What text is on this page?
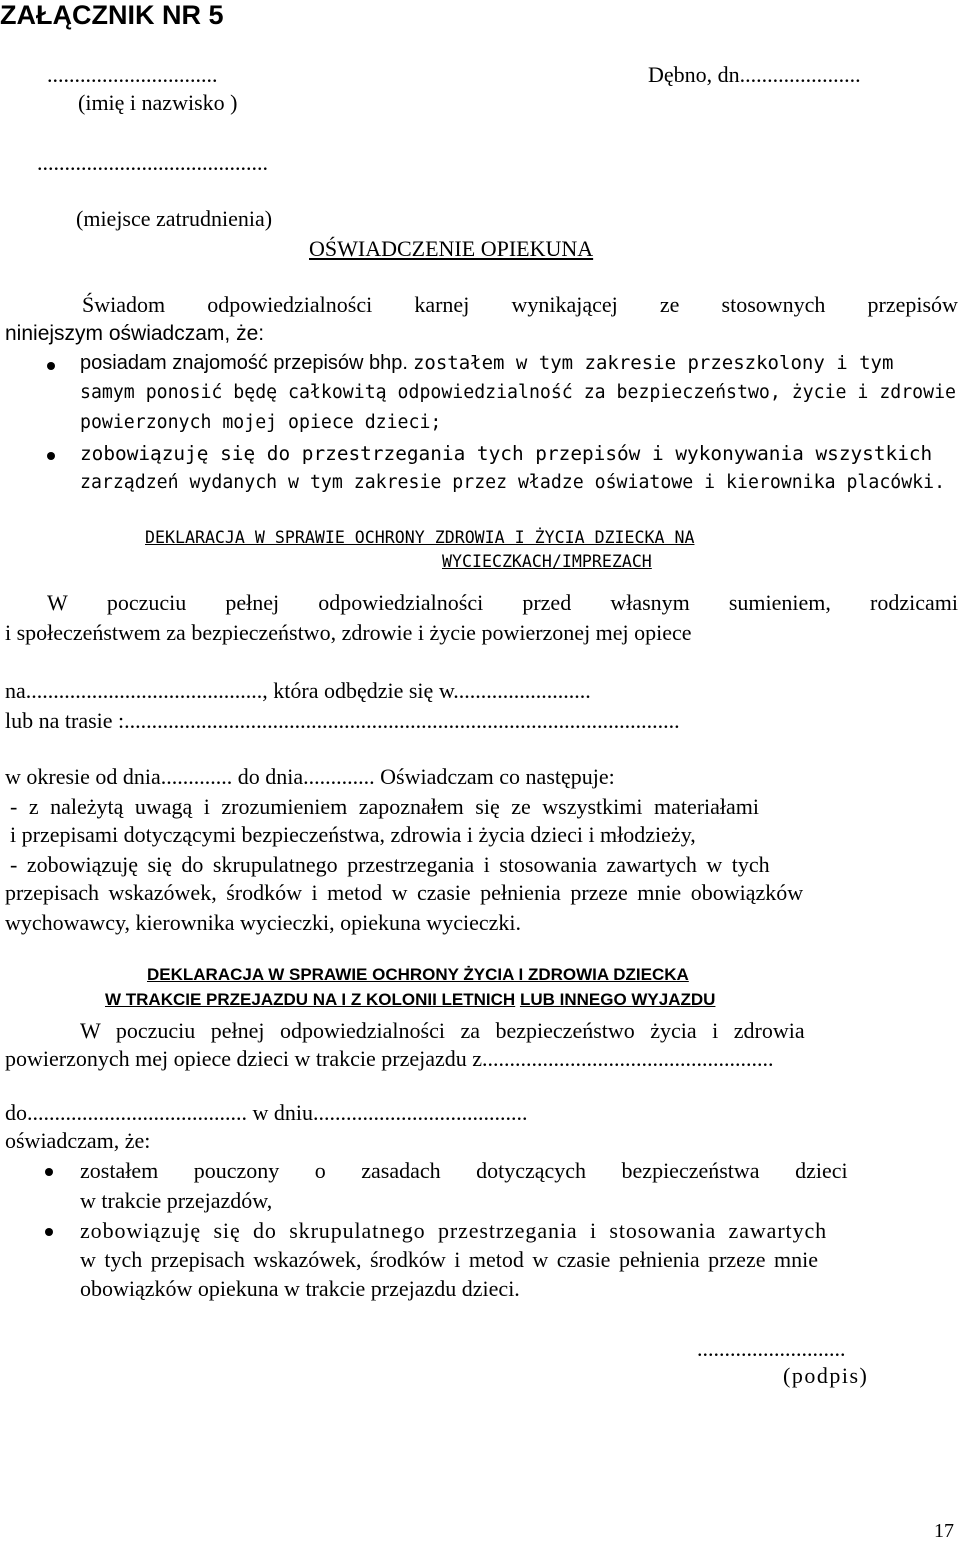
ZAŁĄCZNIK NR 5
...............................	Dębno, dn......................
(imię i nazwisko )
..........................................
(miejsce zatrudnienia)
OŚWIADCZENIE OPIEKUNA
Świadom odpowiedzialności karnej wynikającej ze stosownych przepisów
niniejszym oświadczam, że:
posiadam znajomość przepisów bhp. zostałem w tym zakresie przeszkolony i tym
samym ponosić będę całkowitą odpowiedzialność za bezpieczeństwo, życie i zdrowie
powierzonych mojej opiece dzieci;
zobowiązuję się do przestrzegania tych przepisów i wykonywania wszystkich
zarządzeń wydanych w tym zakresie przez władze oświatowe i kierownika placówki.
DEKLARACJA W SPRAWIE OCHRONY ZDROWIA I ŻYCIA DZIECKA NA
WYCIECZKACH/IMPREZACH
W poczuciu pełnej odpowiedzialności przed własnym sumieniem, rodzicami
i społeczeństwem za bezpieczeństwo, zdrowie i życie powierzonej mej opiece
na..........................................., która odbędzie się w.........................
lub na trasie :.....................................................................................................
w okresie od dnia............. do dnia............. Oświadczam co następuje:
- z należytą uwagą i zrozumieniem zapoznałem się ze wszystkimi materiałami
i przepisami dotyczącymi bezpieczeństwa, zdrowia i życia dzieci i młodzieży,
- zobowiązuję się do skrupulatnego przestrzegania i stosowania zawartych w tych
przepisach wskazówek, środków i metod w czasie pełnienia przeze mnie obowiązków
wychowawcy, kierownika wycieczki, opiekuna wycieczki.
DEKLARACJA W SPRAWIE OCHRONY ŻYCIA I ZDROWIA DZIECKA
W TRAKCIE PRZEJAZDU NA I Z KOLONII LETNICH LUB INNEGO WYJAZDU
W poczuciu pełnej odpowiedzialności za bezpieczeństwo życia i zdrowia
powierzonych mej opiece dzieci w trakcie przejazdu z.....................................................
do........................................ w dniu.......................................
oświadczam, że:
zostałem pouczony o zasadach dotyczących bezpieczeństwa dzieci
w trakcie przejazdów,
zobowiązuję się do skrupulatnego przestrzegania i stosowania zawartych
w tych przepisach wskazówek, środków i metod w czasie pełnienia przeze mnie
obowiązków opiekuna w trakcie przejazdu dzieci.
...........................
(podpis)
17
